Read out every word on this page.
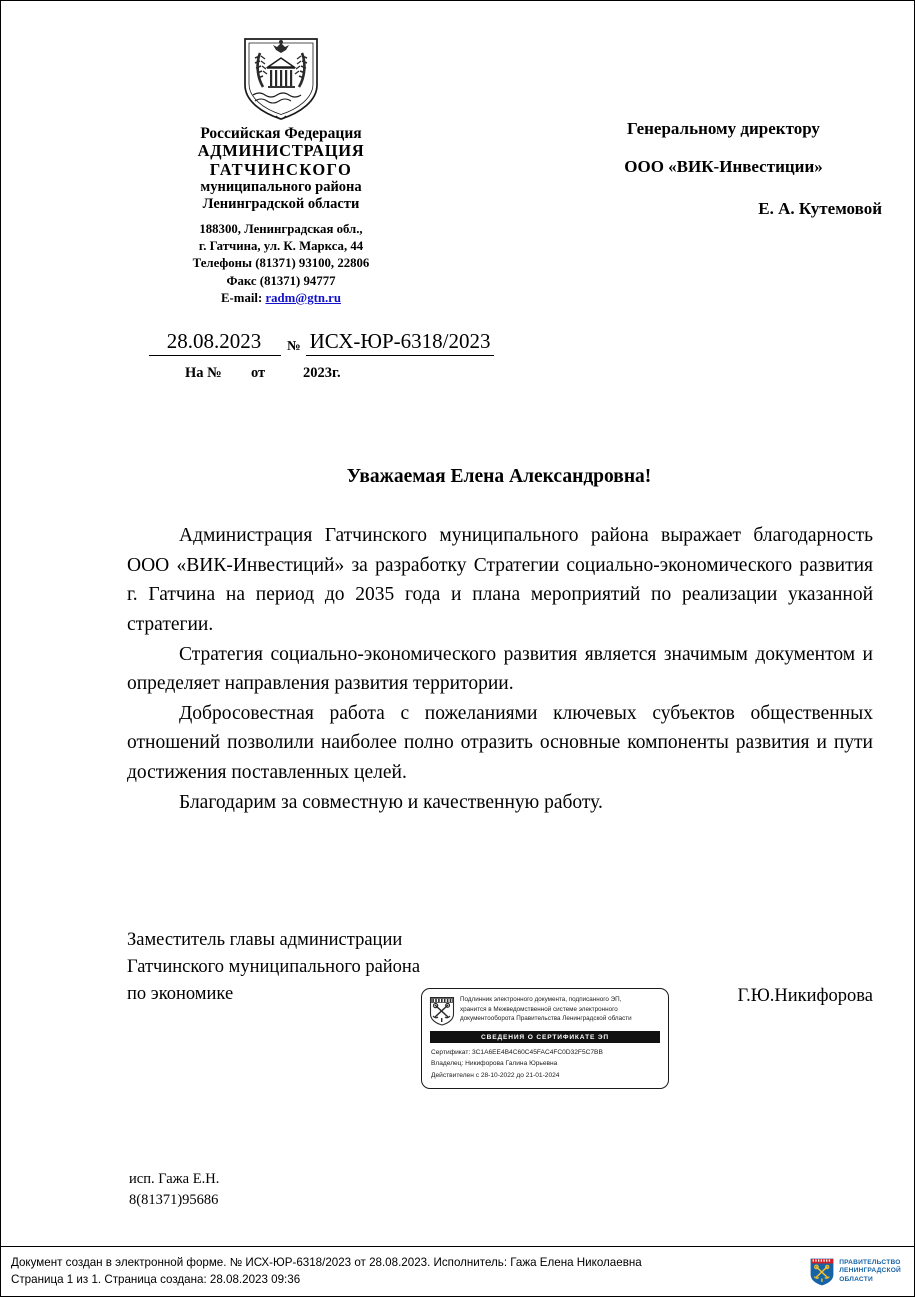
Российская Федерация
АДМИНИСТРАЦИЯ
ГАТЧИНСКОГО
муниципального района
Ленинградской области
188300, Ленинградская обл.,
г. Гатчина, ул. К. Маркса, 44
Телефоны (81371) 93100, 22806
Факс (81371) 94777
E-mail: radm@gtn.ru
Генеральному директору
ООО «ВИК-Инвестиции»
Е. А. Кутемовой
28.08.2023	№ ИСХ-ЮР-6318/2023
На №	от	2023г.
Уважаемая Елена Александровна!

Администрация Гатчинского муниципального района выражает благодарность ООО «ВИК-Инвестиций» за разработку Стратегии социально-экономического развития г. Гатчина на период до 2035 года и плана мероприятий по реализации указанной стратегии.

Стратегия социально-экономического развития является значимым документом и определяет направления развития территории.

Добросовестная работа с пожеланиями ключевых субъектов общественных отношений позволили наиболее полно отразить основные компоненты развития и пути достижения поставленных целей.

Благодарим за совместную и качественную работу.

Заместитель главы администрации
Гатчинского муниципального района
по экономике	Г.Ю.Никифорова
Подлинник электронного документа, подписанного ЭП,
хранится в Межведомственной системе электронного
документооборота Правительства Ленинградской области
СВЕДЕНИЯ О СЕРТИФИКАТЕ ЭП
Сертификат: 3C1A6EE4B4C60C45FAC4FC0D32F5C7BB
Владелец: Никифорова Галина Юрьевна
Действителен с 28-10-2022 до 21-01-2024
исп. Гажа Е.Н.
8(81371)95686
Документ создан в электронной форме. № ИСХ-ЮР-6318/2023 от 28.08.2023. Исполнитель: Гажа Елена Николаевна
Страница 1 из 1. Страница создана: 28.08.2023 09:36
ПРАВИТЕЛЬСТВО
ЛЕНИНГРАДСКОЙ
ОБЛАСТИ
